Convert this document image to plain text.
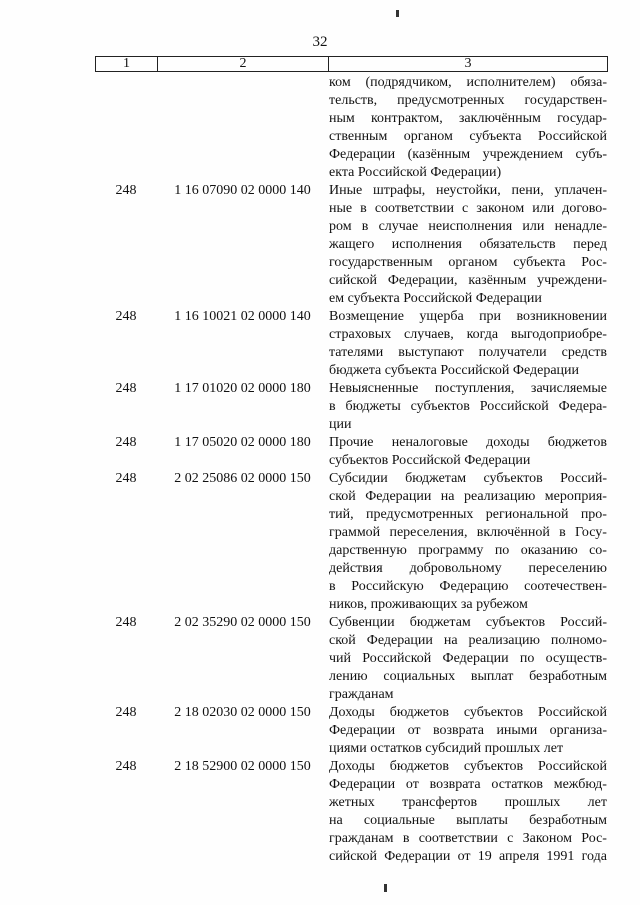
32
1	2	3
ком (подрядчиком, исполнителем) обяза-
тельств, предусмотренных государствен-
ным контрактом, заключённым государ-
ственным органом субъекта Российской
Федерации (казённым учреждением субъ-
екта Российской Федерации)
248	1 16 07090 02 0000 140	Иные штрафы, неустойки, пени, уплачен-
ные в соответствии с законом или догово-
ром в случае неисполнения или ненадле-
жащего исполнения обязательств перед
государственным органом субъекта Рос-
сийской Федерации, казённым учреждени-
ем субъекта Российской Федерации
248	1 16 10021 02 0000 140	Возмещение ущерба при возникновении
страховых случаев, когда выгодоприобре-
тателями выступают получатели средств
бюджета субъекта Российской Федерации
248	1 17 01020 02 0000 180	Невыясненные поступления, зачисляемые
в бюджеты субъектов Российской Федера-
ции
248	1 17 05020 02 0000 180	Прочие неналоговые доходы бюджетов
субъектов Российской Федерации
248	2 02 25086 02 0000 150	Субсидии бюджетам субъектов Россий-
ской Федерации на реализацию мероприя-
тий, предусмотренных региональной про-
граммой переселения, включённой в Госу-
дарственную программу по оказанию со-
действия добровольному переселению
в Российскую Федерацию соотечествен-
ников, проживающих за рубежом
248	2 02 35290 02 0000 150	Субвенции бюджетам субъектов Россий-
ской Федерации на реализацию полномо-
чий Российской Федерации по осуществ-
лению социальных выплат безработным
гражданам
248	2 18 02030 02 0000 150	Доходы бюджетов субъектов Российской
Федерации от возврата иными организа-
циями остатков субсидий прошлых лет
248	2 18 52900 02 0000 150	Доходы бюджетов субъектов Российской
Федерации от возврата остатков межбюд-
жетных трансфертов прошлых лет
на социальные выплаты безработным
гражданам в соответствии с Законом Рос-
сийской Федерации от 19 апреля 1991 года
